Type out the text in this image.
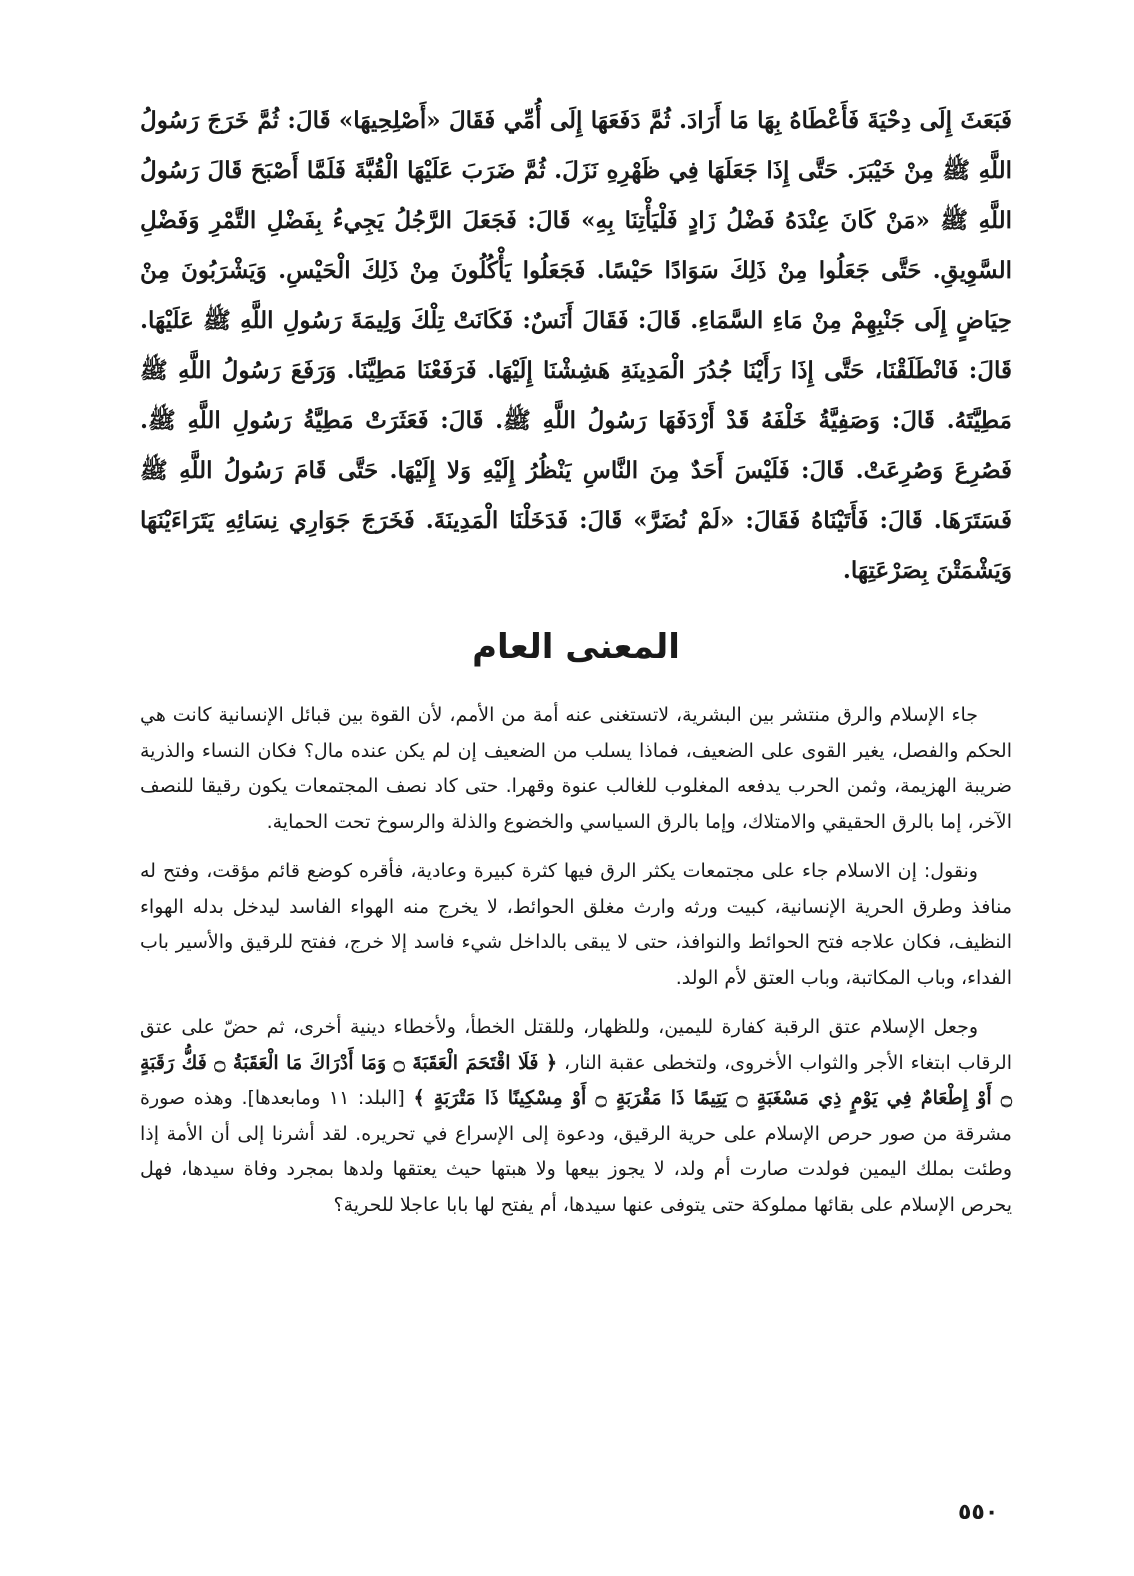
فَبَعَثَ إِلَى دِحْيَةَ فَأَعْطَاهُ بِهَا مَا أَرَادَ. ثُمَّ دَفَعَهَا إِلَى أُمِّي فَقَالَ «أَصْلِحِيهَا» قَالَ: ثُمَّ خَرَجَ رَسُولُ اللَّهِ ﷺ مِنْ خَيْبَرَ. حَتَّى إِذَا جَعَلَهَا فِي ظَهْرِهِ نَزَلَ. ثُمَّ ضَرَبَ عَلَيْهَا الْقُبَّةَ فَلَمَّا أَصْبَحَ قَالَ رَسُولُ اللَّهِ ﷺ «مَنْ كَانَ عِنْدَهُ فَضْلُ زَادٍ فَلْيَأْتِنَا بِهِ» قَالَ: فَجَعَلَ الرَّجُلُ يَجِيءُ بِفَضْلِ التَّمْرِ وَفَضْلِ السَّوِيقِ. حَتَّى جَعَلُوا مِنْ ذَلِكَ سَوَادًا حَيْسًا. فَجَعَلُوا يَأْكُلُونَ مِنْ ذَلِكَ الْحَيْسِ. وَيَشْرَبُونَ مِنْ حِيَاضٍ إِلَى جَنْبِهِمْ مِنْ مَاءِ السَّمَاءِ. قَالَ: فَقَالَ أَنَسٌ: فَكَانَتْ تِلْكَ وَلِيمَةَ رَسُولِ اللَّهِ ﷺ عَلَيْهَا. قَالَ: فَانْطَلَقْنَا، حَتَّى إِذَا رَأَيْنَا جُدُرَ الْمَدِينَةِ هَشِشْنَا إِلَيْهَا. فَرَفَعْنَا مَطِيَّنَا. وَرَفَعَ رَسُولُ اللَّهِ ﷺ مَطِيَّتَهُ. قَالَ: وَصَفِيَّةُ خَلْفَهُ قَدْ أَرْدَفَهَا رَسُولُ اللَّهِ ﷺ. قَالَ: فَعَثَرَتْ مَطِيَّةُ رَسُولِ اللَّهِ ﷺ. فَصُرِعَ وَصُرِعَتْ. قَالَ: فَلَيْسَ أَحَدٌ مِنَ النَّاسِ يَنْظُرُ إِلَيْهِ وَلا إِلَيْهَا. حَتَّى قَامَ رَسُولُ اللَّهِ ﷺ فَسَتَرَهَا. قَالَ: فَأَتَيْنَاهُ فَقَالَ: «لَمْ نُضَرَّ» قَالَ: فَدَخَلْنَا الْمَدِينَةَ. فَخَرَجَ جَوَارِي نِسَائِهِ يَتَرَاءَيْنَهَا وَيَشْمَتْنَ بِصَرْعَتِهَا.

المعنى العام

جاء الإسلام والرق منتشر بين البشرية، لاتستغنى عنه أمة من الأمم، لأن القوة بين قبائل الإنسانية كانت هي الحكم والفصل، يغير القوى على الضعيف، فماذا يسلب من الضعيف إن لم يكن عنده مال؟ فكان النساء والذرية ضريبة الهزيمة، وثمن الحرب يدفعه المغلوب للغالب عنوة وقهرا. حتى كاد نصف المجتمعات يكون رقيقا للنصف الآخر، إما بالرق الحقيقي والامتلاك، وإما بالرق السياسي والخضوع والذلة والرسوخ تحت الحماية.

ونقول: إن الاسلام جاء على مجتمعات يكثر الرق فيها كثرة كبيرة وعادية، فأقره كوضع قائم مؤقت، وفتح له منافذ وطرق الحرية الإنسانية، كبيت ورثه وارث مغلق الحوائط، لا يخرج منه الهواء الفاسد ليدخل بدله الهواء النظيف، فكان علاجه فتح الحوائط والنوافذ، حتى لا يبقى بالداخل شيء فاسد إلا خرج، ففتح للرقيق والأسير باب الفداء، وباب المكاتبة، وباب العتق لأم الولد.

وجعل الإسلام عتق الرقبة كفارة لليمين، وللظهار، وللقتل الخطأ، ولأخطاء دينية أخرى، ثم حضّ على عتق الرقاب ابتغاء الأجر والثواب الأخروى، ولتخطى عقبة النار، ﴿ فَلَا اقْتَحَمَ الْعَقَبَةَ ۝ وَمَا أَدْرَاكَ مَا الْعَقَبَةُ ۝ فَكُّ رَقَبَةٍ ۝ أَوْ إِطْعَامٌ فِي يَوْمٍ ذِي مَسْغَبَةٍ ۝ يَتِيمًا ذَا مَقْرَبَةٍ ۝ أَوْ مِسْكِينًا ذَا مَتْرَبَةٍ ﴾ [البلد: ١١ ومابعدها]. وهذه صورة مشرقة من صور حرص الإسلام على حرية الرقيق، ودعوة إلى الإسراع في تحريره. لقد أشرنا إلى أن الأمة إذا وطئت بملك اليمين فولدت صارت أم ولد، لا يجوز بيعها ولا هبتها حيث يعتقها ولدها بمجرد وفاة سيدها، فهل يحرص الإسلام على بقائها مملوكة حتى يتوفى عنها سيدها، أم يفتح لها بابا عاجلا للحرية؟

٥٥٠
